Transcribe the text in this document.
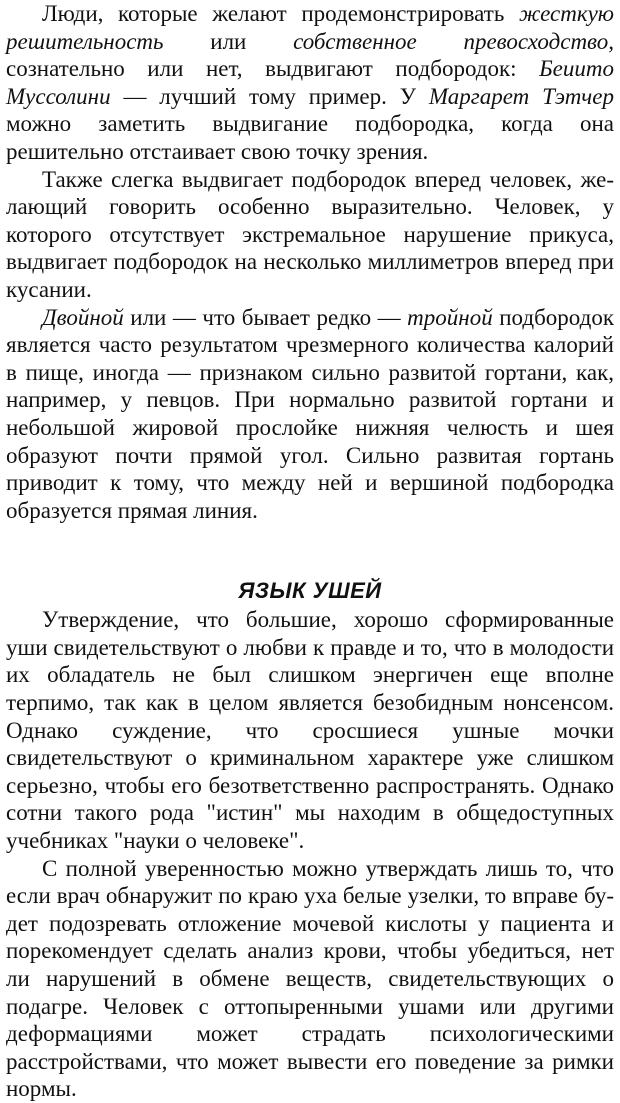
Люди, которые желают продемонстрировать жесткую решительность или собственное превосходство, сознательно или нет, выдвигают подбородок: Беиито Муссолини — лучший тому пример. У Маргарет Тэтчер можно заметить выдвигание подбородка, когда она решительно отстаивает свою точку зрения.

Также слегка выдвигает подбородок вперед человек, желающий говорить особенно выразительно. Человек, у которого отсутствует экстремальное нарушение прикуса, выдвигает подбородок на несколько миллиметров вперед при кусании.

Двойной или — что бывает редко — тройной подбородок является часто результатом чрезмерного количества калорий в пище, иногда — признаком сильно развитой гортани, как, например, у певцов. При нормально развитой гортани и небольшой жировой прослойке нижняя челюсть и шея образуют почти прямой угол. Сильно развитая гортань приводит к тому, что между ней и вершиной подбородка образуется прямая линия.

ЯЗЫК УШЕЙ

Утверждение, что большие, хорошо сформированные уши свидетельствуют о любви к правде и то, что в молодости их обладатель не был слишком энергичен еще вполне терпимо, так как в целом является безобидным нонсенсом. Однако суждение, что сросшиеся ушные мочки свидетельствуют о криминальном характере уже слишком серьезно, чтобы его безответственно распространять. Однако сотни такого рода "истин" мы находим в общедоступных учебниках "науки о человеке".

С полной уверенностью можно утверждать лишь то, что если врач обнаружит по краю уха белые узелки, то вправе будет подозревать отложение мочевой кислоты у пациента и порекомендует сделать анализ крови, чтобы убедиться, нет ли нарушений в обмене веществ, свидетельствующих о подагре. Человек с оттопыренными ушами или другими деформациями может страдать психологическими расстройствами, что может вывести его поведение за римки нормы.
